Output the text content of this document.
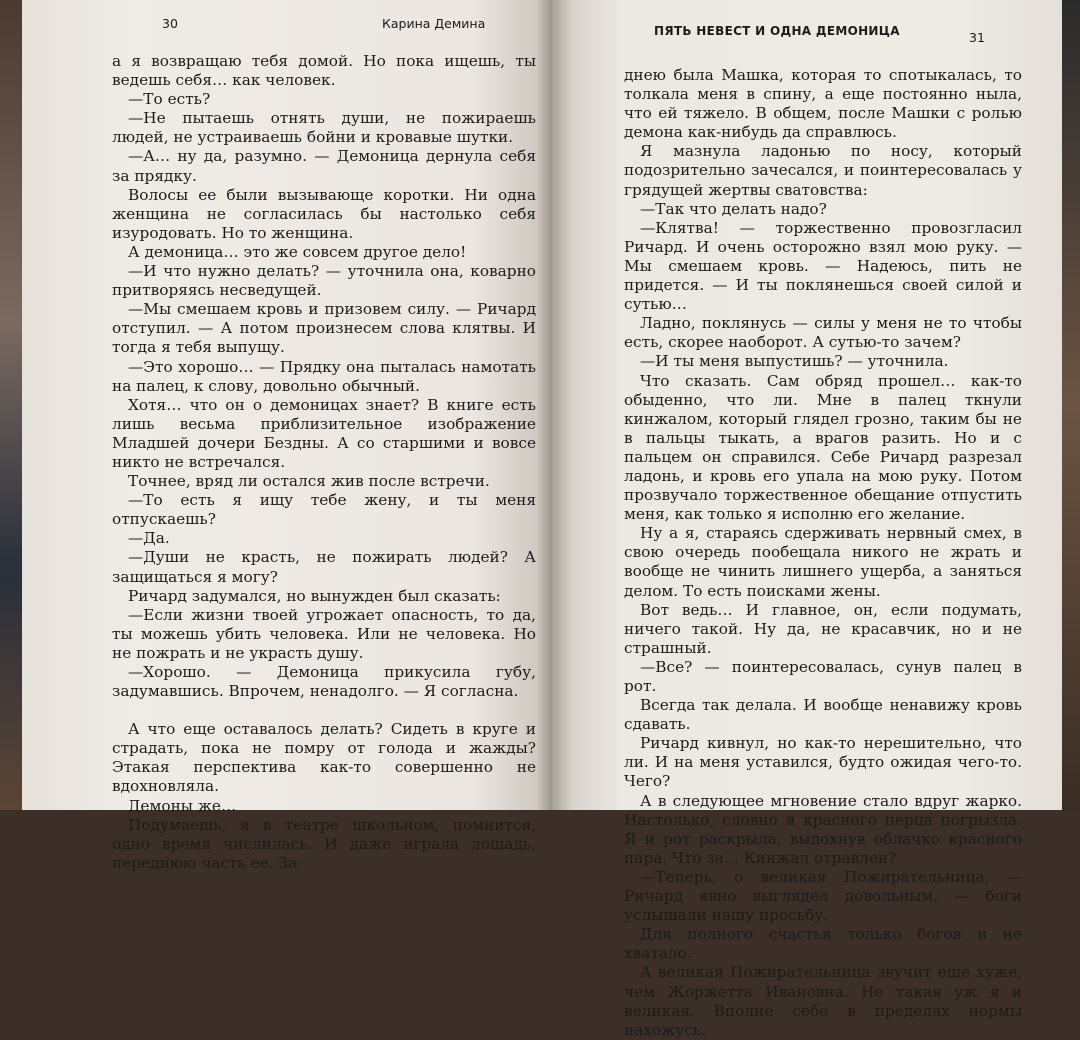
30	Карина Демина

а я возвращаю тебя домой. Но пока ищешь, ты ведешь себя… как человек.

—То есть?

—Не пытаешь отнять души, не пожираешь людей, не устраиваешь бойни и кровавые шутки.

—А… ну да, разумно. — Демоница дернула себя за прядку.

Волосы ее были вызывающе коротки. Ни одна женщина не согласилась бы настолько себя изуродовать. Но то женщина.

А демоница… это же совсем другое дело!

—И что нужно делать? — уточнила она, коварно притворяясь несведущей.

—Мы смешаем кровь и призовем силу. — Ричард отступил. — А потом произнесем слова клятвы. И тогда я тебя выпущу.

—Это хорошо… — Прядку она пыталась намотать на палец, к слову, довольно обычный.

Хотя… что он о демоницах знает? В книге есть лишь весьма приблизительное изображение Младшей дочери Бездны. А со старшими и вовсе никто не встречался.

Точнее, вряд ли остался жив после встречи.

—То есть я ищу тебе жену, и ты меня отпускаешь?

—Да.

—Души не красть, не пожирать людей? А защищаться я могу?

Ричард задумался, но вынужден был сказать:

—Если жизни твоей угрожает опасность, то да, ты можешь убить человека. Или не человека. Но не пожрать и не украсть душу.

—Хорошо. — Демоница прикусила губу, задумавшись. Впрочем, ненадолго. — Я согласна.

А что еще оставалось делать? Сидеть в круге и страдать, пока не помру от голода и жажды? Этакая перспектива как-то совершенно не вдохновляла.

Демоны же…

Подумаешь, я в театре школьном, помнится, одно время числилась. И даже играла лошадь, переднюю часть ее. За-

ПЯТЬ НЕВЕСТ И ОДНА ДЕМОНИЦА	31

днею была Машка, которая то спотыкалась, то толкала меня в спину, а еще постоянно ныла, что ей тяжело. В общем, после Машки с ролью демона как-нибудь да справлюсь.

Я мазнула ладонью по носу, который подозрительно зачесался, и поинтересовалась у грядущей жертвы сватовства:

—Так что делать надо?

—Клятва! — торжественно провозгласил Ричард. И очень осторожно взял мою руку. — Мы смешаем кровь. — Надеюсь, пить не придется. — И ты поклянешься своей силой и сутью…

Ладно, поклянусь — силы у меня не то чтобы есть, скорее наоборот. А сутью-то зачем?

—И ты меня выпустишь? — уточнила.

Что сказать. Сам обряд прошел… как-то обыденно, что ли. Мне в палец ткнули кинжалом, который глядел грозно, таким бы не в пальцы тыкать, а врагов разить. Но и с пальцем он справился. Себе Ричард разрезал ладонь, и кровь его упала на мою руку. Потом прозвучало торжественное обещание отпустить меня, как только я исполню его желание.

Ну а я, стараясь сдерживать нервный смех, в свою очередь пообещала никого не жрать и вообще не чинить лишнего ущерба, а заняться делом. То есть поисками жены.

Вот ведь… И главное, он, если подумать, ничего такой. Ну да, не красавчик, но и не страшный.

—Все? — поинтересовалась, сунув палец в рот.

Всегда так делала. И вообще ненавижу кровь сдавать.

Ричард кивнул, но как-то нерешительно, что ли. И на меня уставился, будто ожидая чего-то. Чего?

А в следующее мгновение стало вдруг жарко. Настолько, словно я красного перца погрызла. Я и рот раскрыла, выдохнув облачко красного пара. Что за… Кинжал отравлен?

—Теперь, о великая Пожирательница, — Ричард явно выглядел довольным, — боги услышали нашу просьбу.

Для полного счастья только богов и не хватало.

А великая Пожирательница звучит еще хуже, чем Жоржетта Ивановна. Не такая уж я и великая. Вполне себе в пределах нормы нахожусь.
